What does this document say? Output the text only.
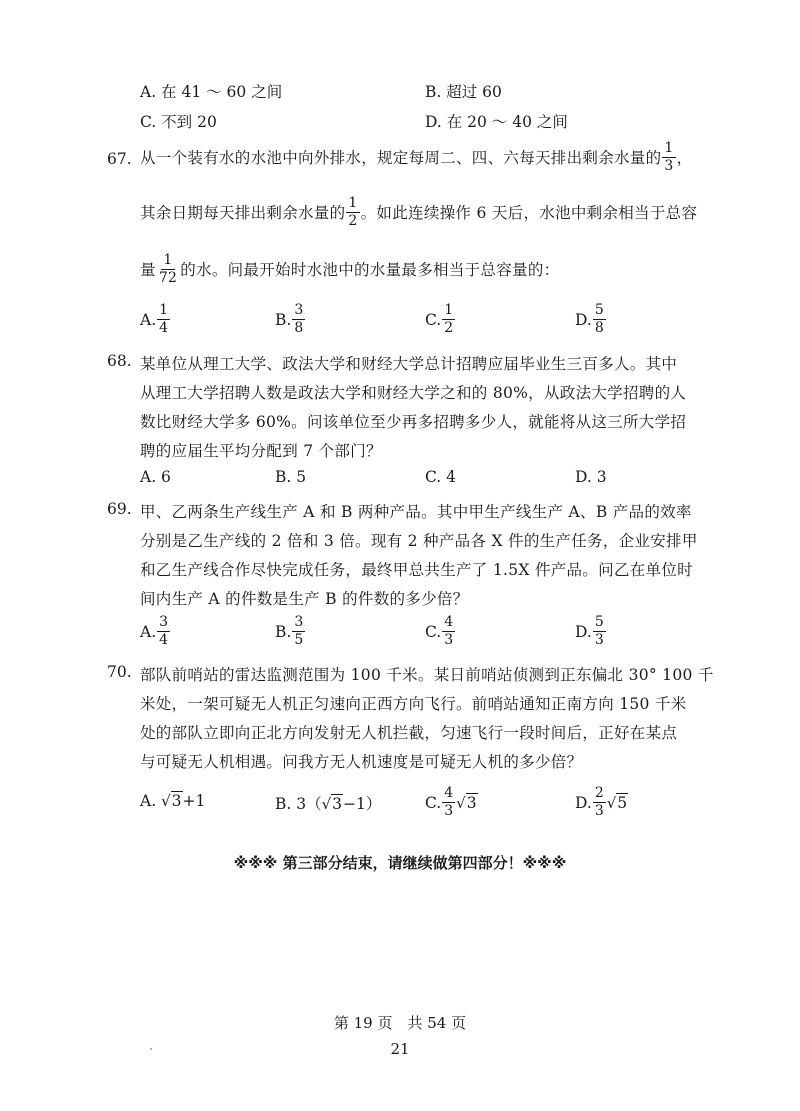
A. 在 41 ～ 60 之间	B. 超过 60
C. 不到 20	D. 在 20 ～ 40 之间
67. 从一个装有水的水池中向外排水，规定每周二、四、六每天排出剩余水量的 $\frac{1}{3}$ ，
其余日期每天排出剩余水量的 $\frac{1}{2}$ 。如此连续操作 6 天后，水池中剩余相当于总容
量 $\frac{1}{72}$ 的水。问最开始时水池中的水量最多相当于总容量的：
A. $\frac{1}{4}$	B. $\frac{3}{8}$	C. $\frac{1}{2}$	D. $\frac{5}{8}$
68. 某单位从理工大学、政法大学和财经大学总计招聘应届毕业生三百多人。其中
从理工大学招聘人数是政法大学和财经大学之和的 80%，从政法大学招聘的人
数比财经大学多 60%。问该单位至少再多招聘多少人，就能将从这三所大学招
聘的应届生平均分配到 7 个部门？
A. 6	B. 5	C. 4	D. 3
69. 甲、乙两条生产线生产 A 和 B 两种产品。其中甲生产线生产 A、B 产品的效率
分别是乙生产线的 2 倍和 3 倍。现有 2 种产品各 X 件的生产任务，企业安排甲
和乙生产线合作尽快完成任务，最终甲总共生产了 1.5X 件产品。问乙在单位时
间内生产 A 的件数是生产 B 的件数的多少倍？
A. $\frac{3}{4}$	B. $\frac{3}{5}$	C. $\frac{4}{3}$	D. $\frac{5}{3}$
70. 部队前哨站的雷达监测范围为 100 千米。某日前哨站侦测到正东偏北 30° 100 千
米处，一架可疑无人机正匀速向正西方向飞行。前哨站通知正南方向 150 千米
处的部队立即向正北方向发射无人机拦截，匀速飞行一段时间后，正好在某点
与可疑无人机相遇。问我方无人机速度是可疑无人机的多少倍？
A. √3+1	B. 3（√3−1）	C. $\frac{4}{3} √3$	D. $\frac{2}{3} √5$
※※※ 第三部分结束，请继续做第四部分！※※※
第 19 页　共 54 页
21
